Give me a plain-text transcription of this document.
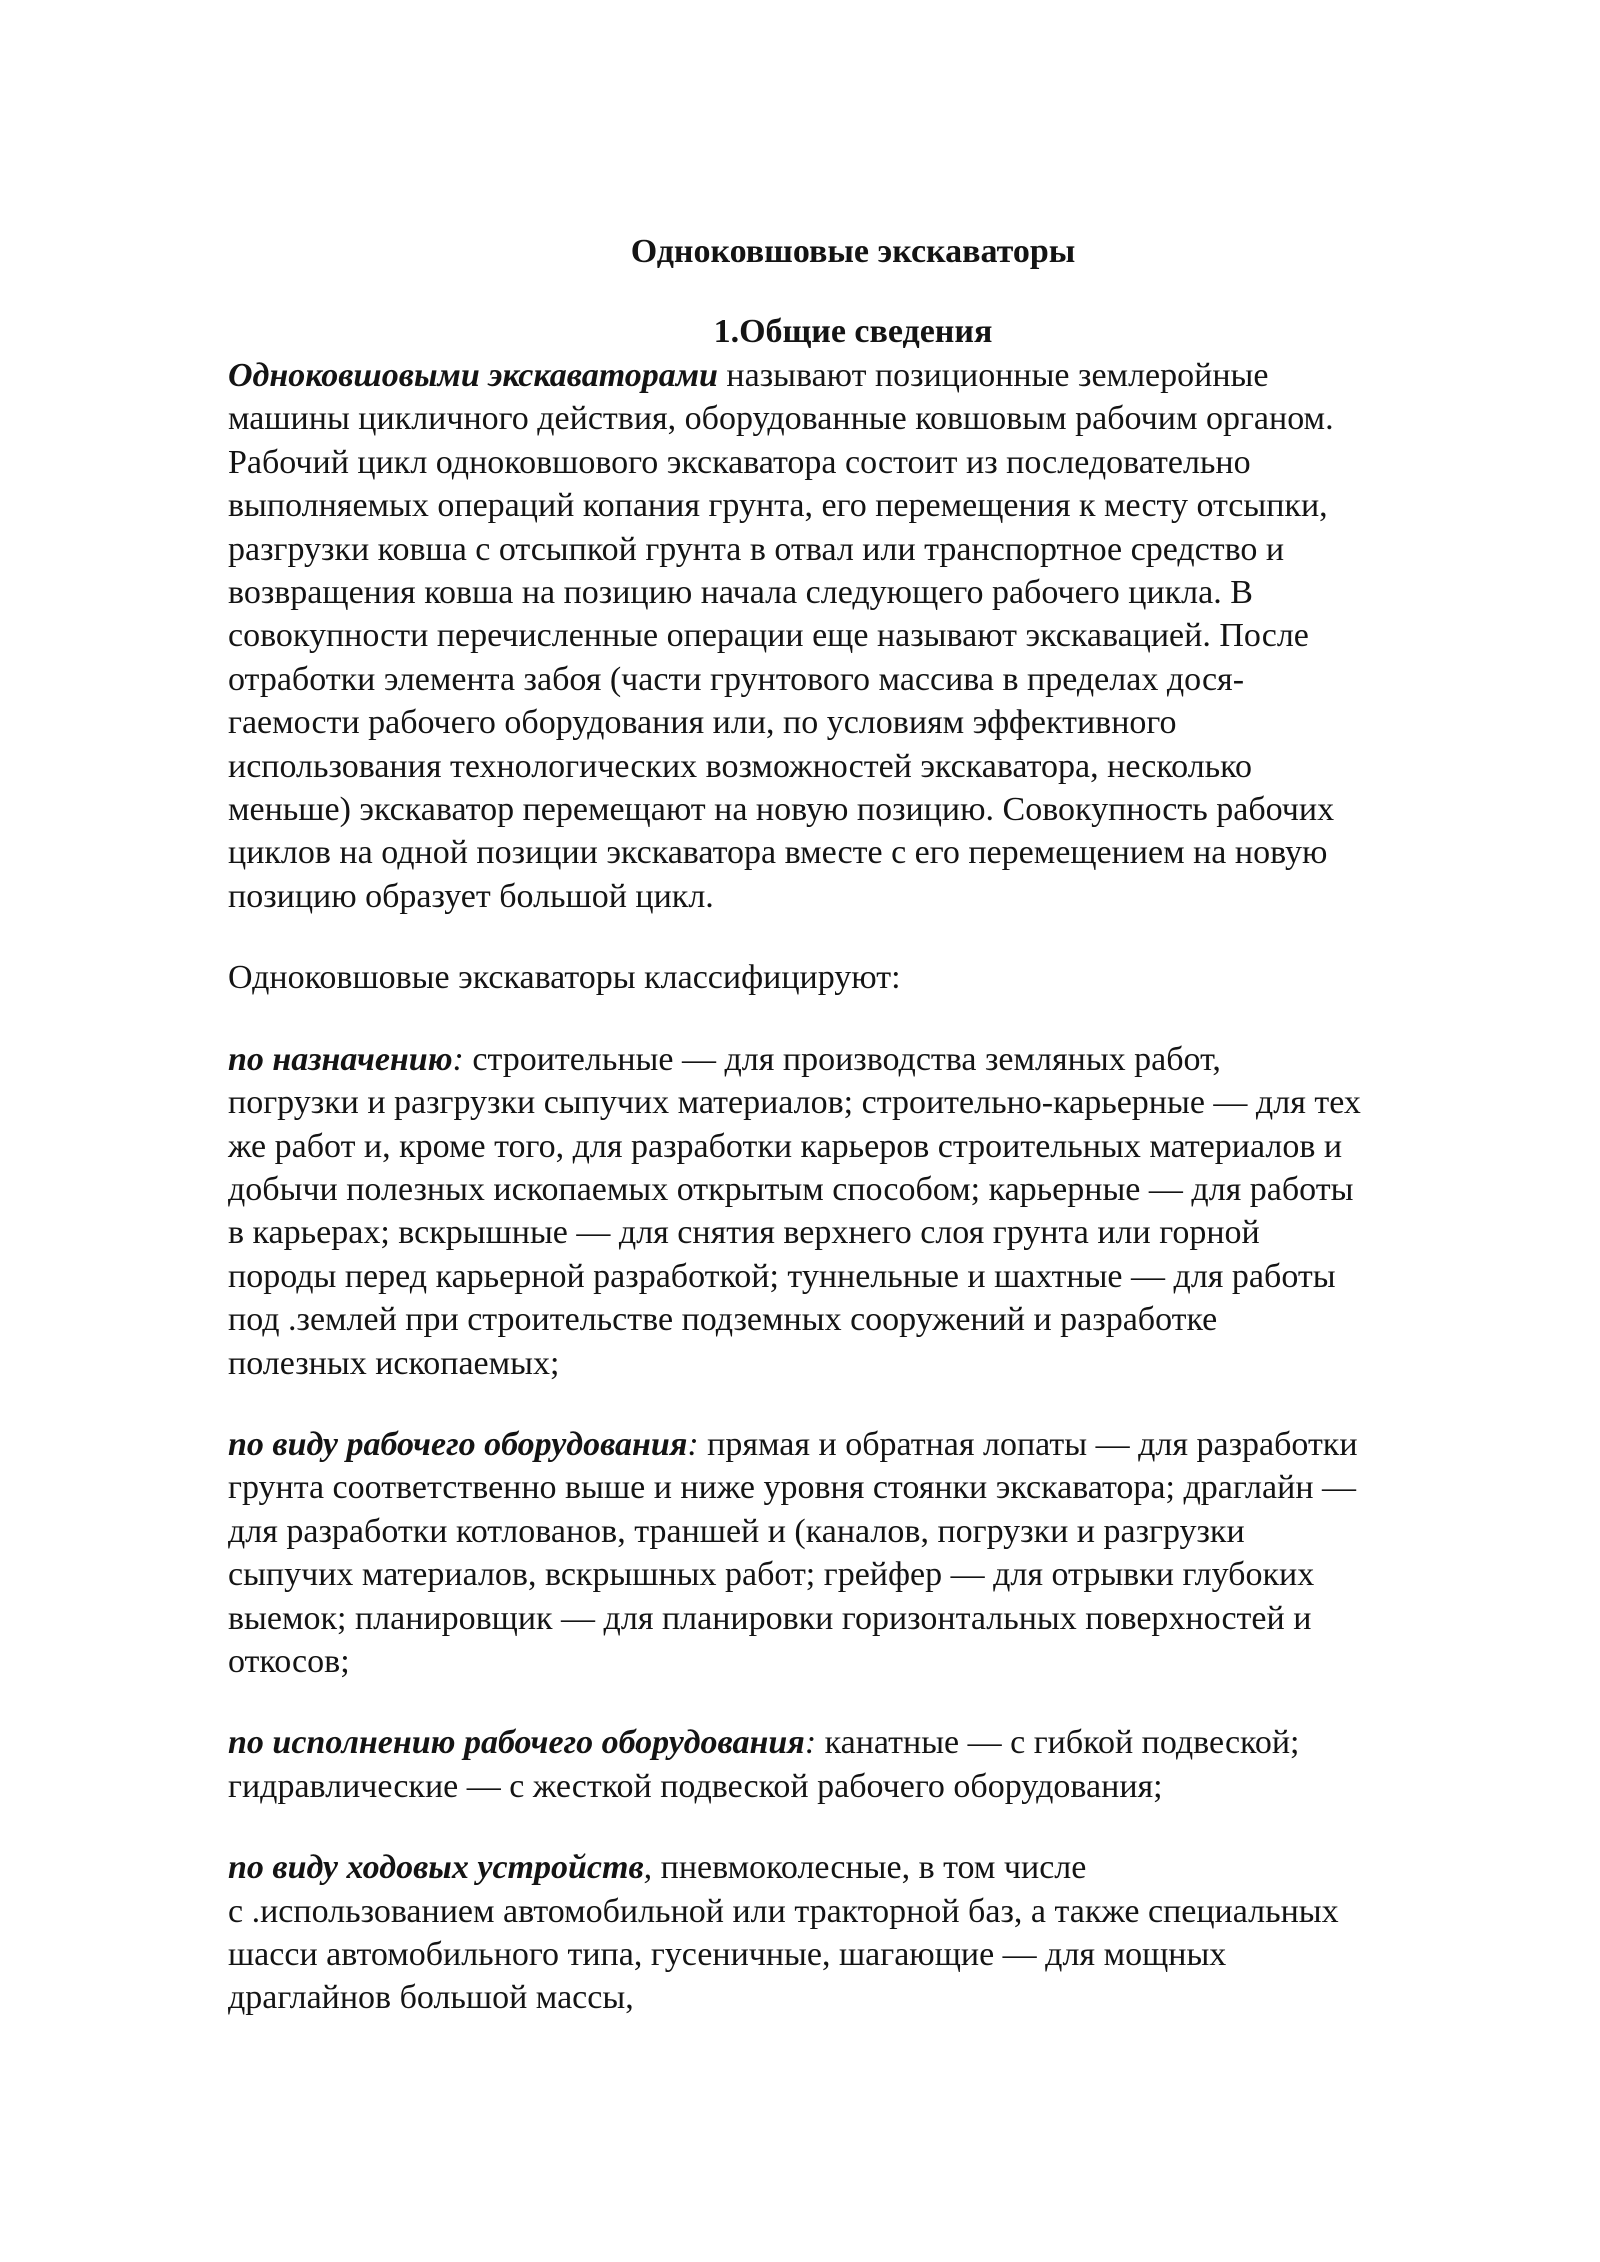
Одноковшовые экскаваторы
1.Общие сведения

Одноковшовыми экскаваторами называют позиционные землеройные
машины цикличного действия, оборудованные ковшовым рабочим органом.
Рабочий цикл одноковшового экскаватора состоит из последовательно
выполняемых операций копания грунта, его перемещения к месту отсыпки,
разгрузки ковша с отсыпкой грунта в отвал или транспортное средство и
возвращения ковша на позицию начала следующего рабочего цикла. В
совокупности перечисленные операции еще называют экскавацией. После
отработки элемента забоя (части грунтового массива в пределах дося-
гаемости рабочего оборудования или, по условиям эффективного
использования технологических возможностей экскаватора, несколько
меньше) экскаватор перемещают на новую позицию. Совокупность рабочих
циклов на одной позиции экскаватора вместе с его перемещением на новую
позицию образует большой цикл.

Одноковшовые экскаваторы классифицируют:

по назначению: строительные — для производства земляных работ,
погрузки и разгрузки сыпучих материалов; строительно-карьерные — для тех
же работ и, кроме того, для разработки карьеров строительных материалов и
добычи полезных ископаемых открытым способом; карьерные — для работы
в карьерах; вскрышные — для снятия верхнего слоя грунта или горной
породы перед карьерной разработкой; туннельные и шахтные — для работы
под .землей при строительстве подземных сооружений и разработке
полезных ископаемых;

по виду рабочего оборудования: прямая и обратная лопаты — для разработки
грунта соответственно выше и ниже уровня стоянки экскаватора; драглайн —
для разработки котлованов, траншей и (каналов, погрузки и разгрузки
сыпучих материалов, вскрышных работ; грейфер — для отрывки глубоких
выемок; планировщик — для планировки горизонтальных поверхностей и
откосов;

по исполнению рабочего оборудования: канатные — с гибкой подвеской;
гидравлические — с жесткой подвеской рабочего оборудования;

по виду ходовых устройств, пневмоколесные, в том числе
с .использованием автомобильной или тракторной баз, а также специальных
шасси автомобильного типа, гусеничные, шагающие — для мощных
драглайнов большой массы,
